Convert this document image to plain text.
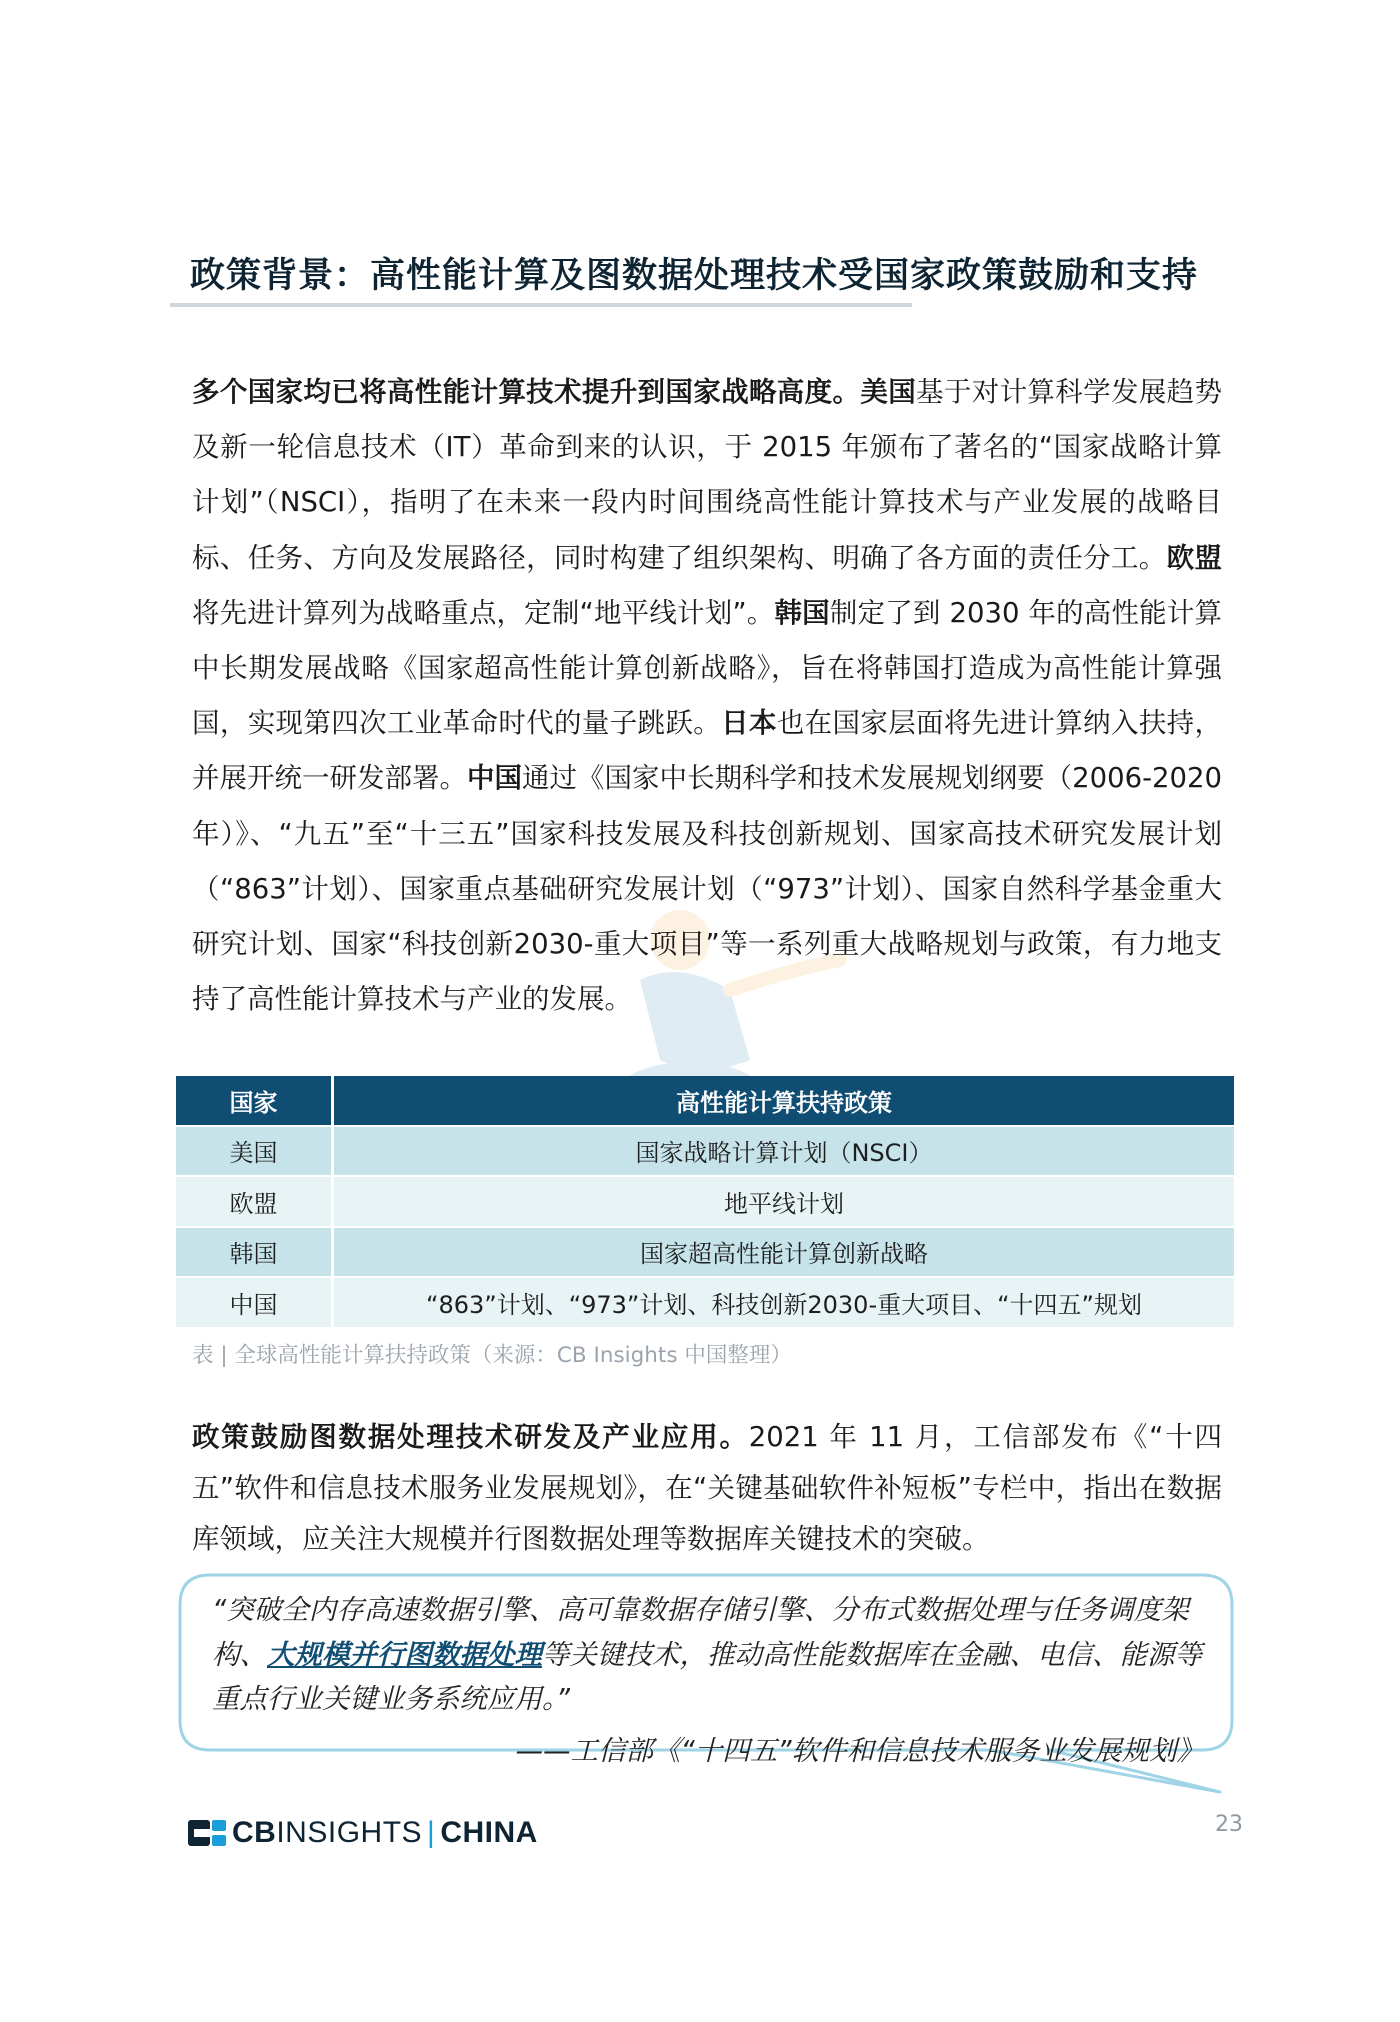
政策背景：高性能计算及图数据处理技术受国家政策鼓励和支持
多个国家均已将高性能计算技术提升到国家战略高度。美国基于对计算科学发展趋势及新一轮信息技术（IT）革命到来的认识，于 2015 年颁布了著名的“国家战略计算计划”（NSCI），指明了在未来一段内时间围绕高性能计算技术与产业发展的战略目标、任务、方向及发展路径，同时构建了组织架构、明确了各方面的责任分工。欧盟将先进计算列为战略重点，定制“地平线计划”。韩国制定了到 2030 年的高性能计算中长期发展战略《国家超高性能计算创新战略》，旨在将韩国打造成为高性能计算强国，实现第四次工业革命时代的量子跳跃。日本也在国家层面将先进计算纳入扶持，并展开统一研发部署。中国通过《国家中长期科学和技术发展规划纲要（2006-2020 年）》、“九五”至“十三五”国家科技发展及科技创新规划、国家高技术研究发展计划（“863”计划）、国家重点基础研究发展计划（“973”计划）、国家自然科学基金重大研究计划、国家“科技创新2030-重大项目”等一系列重大战略规划与政策，有力地支持了高性能计算技术与产业的发展。
国家	高性能计算扶持政策
美国	国家战略计算计划（NSCI）
欧盟	地平线计划
韩国	国家超高性能计算创新战略
中国	“863”计划、“973”计划、科技创新2030-重大项目、“十四五”规划
表 | 全球高性能计算扶持政策（来源：CB Insights 中国整理）
政策鼓励图数据处理技术研发及产业应用。2021 年 11 月，工信部发布《“十四五”软件和信息技术服务业发展规划》，在“关键基础软件补短板”专栏中，指出在数据库领域，应关注大规模并行图数据处理等数据库关键技术的突破。
“突破全内存高速数据引擎、高可靠数据存储引擎、分布式数据处理与任务调度架构、大规模并行图数据处理等关键技术，推动高性能数据库在金融、电信、能源等重点行业关键业务系统应用。”
——工信部《“十四五”软件和信息技术服务业发展规划》
CBINSIGHTS | CHINA	23
